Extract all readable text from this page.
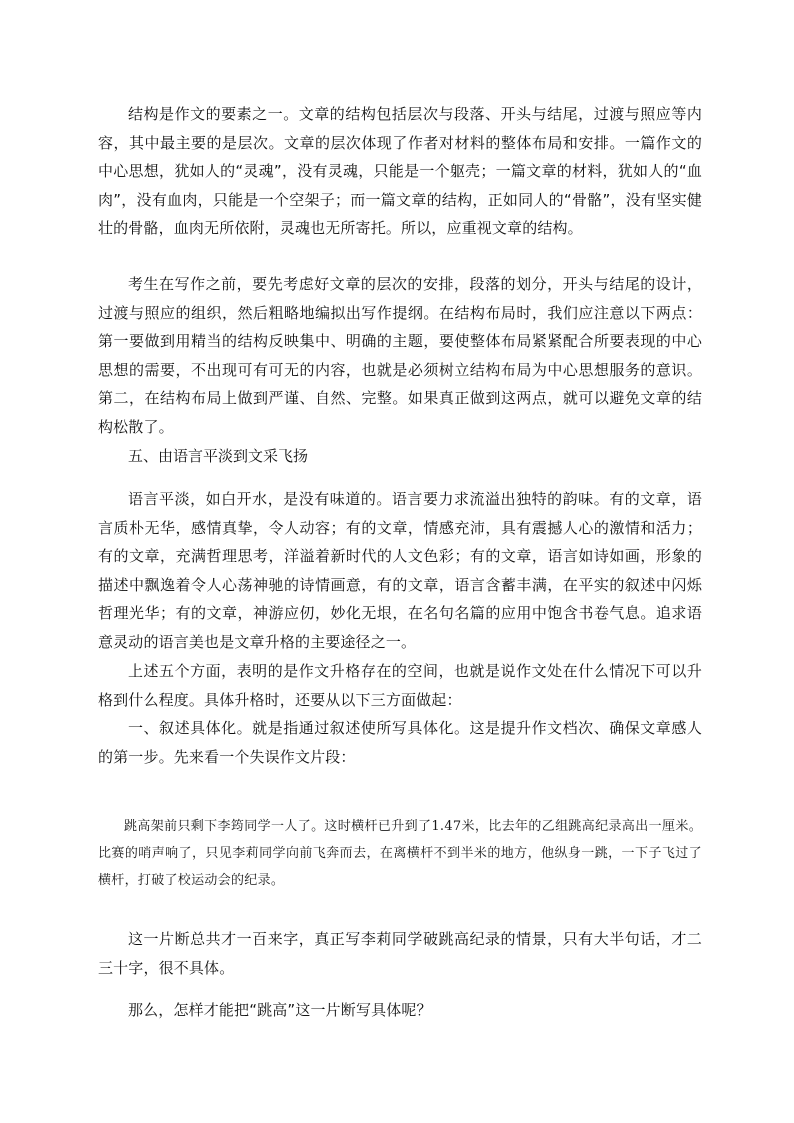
结构是作文的要素之一。文章的结构包括层次与段落、开头与结尾，过渡与照应等内容，其中最主要的是层次。文章的层次体现了作者对材料的整体布局和安排。一篇作文的中心思想，犹如人的“灵魂”，没有灵魂，只能是一个躯壳；一篇文章的材料，犹如人的“血肉”，没有血肉，只能是一个空架子；而一篇文章的结构，正如同人的“骨骼”，没有坚实健壮的骨骼，血肉无所依附，灵魂也无所寄托。所以，应重视文章的结构。

考生在写作之前，要先考虑好文章的层次的安排，段落的划分，开头与结尾的设计，过渡与照应的组织，然后粗略地编拟出写作提纲。在结构布局时，我们应注意以下两点：第一要做到用精当的结构反映集中、明确的主题，要使整体布局紧紧配合所要表现的中心思想的需要，不出现可有可无的内容，也就是必须树立结构布局为中心思想服务的意识。第二，在结构布局上做到严谨、自然、完整。如果真正做到这两点，就可以避免文章的结构松散了。

五、由语言平淡到文采飞扬

语言平淡，如白开水，是没有味道的。语言要力求流溢出独特的韵味。有的文章，语言质朴无华，感情真挚，令人动容；有的文章，情感充沛，具有震撼人心的激情和活力；有的文章，充满哲理思考，洋溢着新时代的人文色彩；有的文章，语言如诗如画，形象的描述中飘逸着令人心荡神驰的诗情画意，有的文章，语言含蓄丰满，在平实的叙述中闪烁哲理光华；有的文章，神游应仞，妙化无垠，在名句名篇的应用中饱含书卷气息。追求语意灵动的语言美也是文章升格的主要途径之一。

上述五个方面，表明的是作文升格存在的空间，也就是说作文处在什么情况下可以升格到什么程度。具体升格时，还要从以下三方面做起：

一、叙述具体化。就是指通过叙述使所写具体化。这是提升作文档次、确保文章感人的第一步。先来看一个失误作文片段：

跳高架前只剩下李筠同学一人了。这时横杆已升到了1.47米，比去年的乙组跳高纪录高出一厘米。比赛的哨声响了，只见李莉同学向前飞奔而去，在离横杆不到半米的地方，他纵身一跳，一下子飞过了横杆，打破了校运动会的纪录。

这一片断总共才一百来字，真正写李莉同学破跳高纪录的情景，只有大半句话，才二三十字，很不具体。

那么，怎样才能把“跳高”这一片断写具体呢？
